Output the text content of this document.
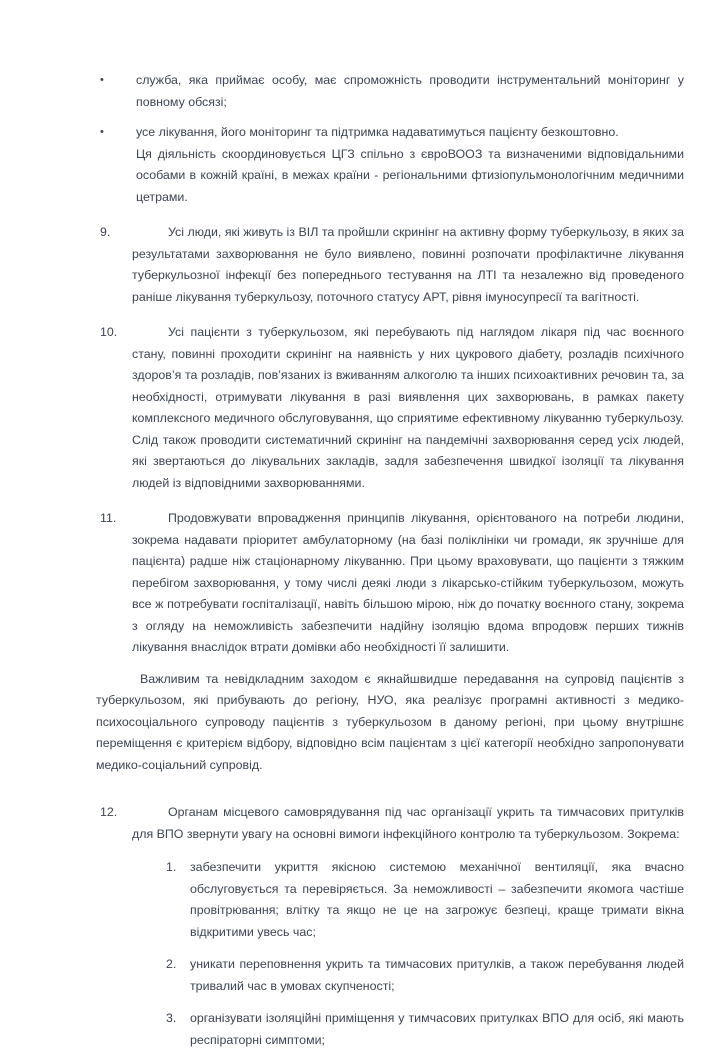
•	служба, яка приймає особу, має спроможність проводити інструментальний моніторинг у повному обсязі;
•	усе лікування, його моніторинг та підтримка надаватимуться пацієнту безкоштовно.

Ця діяльність скоординовується ЦГЗ спільно з євроВООЗ та визначеними відповідальними особами в кожній країні, в межах країни - регіональними фтизіопульмонологічним медичними цетрами.

9.	Усі люди, які живуть із ВІЛ та пройшли скринінг на активну форму туберкульозу, в яких за результатами захворювання не було виявлено, повинні розпочати профілактичне лікування туберкульозної інфекції без попереднього тестування на ЛТІ та незалежно від проведеного раніше лікування туберкульозу, поточного статусу АРТ, рівня імуносупресії та вагітності.
10.	Усі пацієнти з туберкульозом, які перебувають під наглядом лікаря під час воєнного стану, повинні проходити скринінг на наявність у них цукрового діабету, розладів психічного здоров’я та розладів, пов’язаних із вживанням алкоголю та інших психоактивних речовин та, за необхідності, отримувати лікування в разі виявлення цих захворювань, в рамках пакету комплексного медичного обслуговування, що сприятиме ефективному лікуванню туберкульозу. Слід також проводити систематичний скринінг на пандемічні захворювання серед усіх людей, які звертаються до лікувальних закладів, задля забезпечення швидкої ізоляції та лікування людей із відповідними захворюваннями.
11.	Продовжувати впровадження принципів лікування, орієнтованого на потреби людини, зокрема надавати пріоритет амбулаторному (на базі поліклініки чи громади, як зручніше для пацієнта) радше ніж стаціонарному лікуванню. При цьому враховувати, що пацієнти з тяжким перебігом захворювання, у тому числі деякі люди з лікарсько-стійким туберкульозом, можуть все ж потребувати госпіталізації, навіть більшою мірою, ніж до початку воєнного стану, зокрема з огляду на неможливість забезпечити надійну ізоляцію вдома впродовж перших тижнів лікування внаслідок втрати домівки або необхідності її залишити.

Важливим та невідкладним заходом є якнайшвидше передавання на супровід пацієнтів з туберкульозом, які прибувають до регіону, НУО, яка реалізує програмні активності з медико-психосоціального супроводу пацієнтів з туберкульозом в даному регіоні, при цьому внутрішнє переміщення є критерієм відбору, відповідно всім пацієнтам з цієї категорії необхідно запропонувати медико-соціальний супровід.

12.	Органам місцевого самоврядування під час організації укрить та тимчасових притулків для ВПО звернути увагу на основні вимоги інфекційного контролю та туберкульозом. Зокрема:
1. забезпечити укриття якісною системою механічної вентиляції, яка вчасно обслуговується та перевіряється. За неможливості – забезпечити якомога частіше провітрювання; влітку та якщо не це на загрожує безпеці, краще тримати вікна відкритими увесь час;
2. уникати переповнення укрить та тимчасових притулків, а також перебування людей тривалий час в умовах скупченості;
3. організувати ізоляційні приміщення у тимчасових притулках ВПО для осіб, які мають респіраторні симптоми;
